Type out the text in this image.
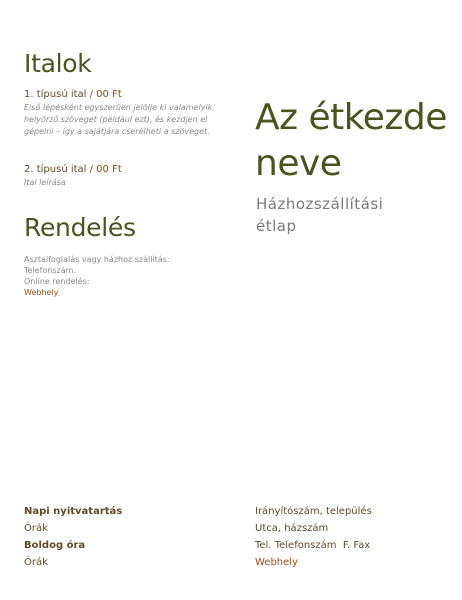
Italok
1. típusú ital / 00 Ft
Első lépésként egyszerűen jelölje ki valamelyik helyőrző szöveget (például ezt), és kezdjen el gépelni – így a sajátjára cserélheti a szöveget.
2. típusú ital / 00 Ft
Ital leírása
Rendelés
Asztalfoglalás vagy házhoz szállítás:
Telefonszám.
Online rendelés:
Webhely
Az étkezde
neve
Házhozszállítási
étlap
Napi nyitvatartás
Órák
Boldog óra
Órák
Irányítószám, település
Utca, házszám
Tel. Telefonszám F. Fax
Webhely
